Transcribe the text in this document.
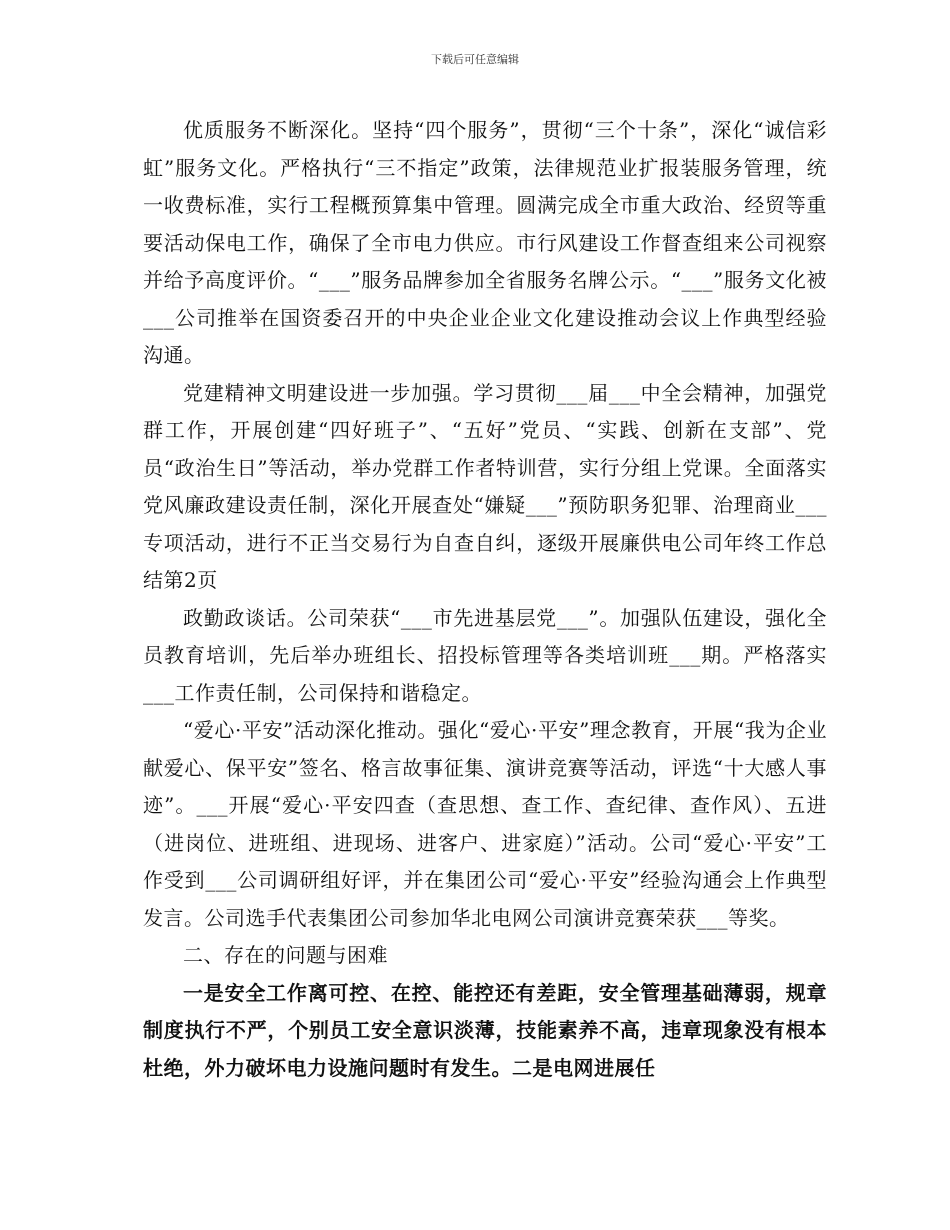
下载后可任意编辑

优质服务不断深化。坚持“四个服务”，贯彻“三个十条”，深化“诚信彩虹”服务文化。严格执行“三不指定”政策，法律规范业扩报装服务管理，统一收费标准，实行工程概预算集中管理。圆满完成全市重大政治、经贸等重要活动保电工作，确保了全市电力供应。市行风建设工作督查组来公司视察并给予高度评价。“___”服务品牌参加全省服务名牌公示。“___”服务文化被___公司推举在国资委召开的中央企业企业文化建设推动会议上作典型经验沟通。

党建精神文明建设进一步加强。学习贯彻___届___中全会精神，加强党群工作，开展创建“四好班子”、“五好”党员、“实践、创新在支部”、党员“政治生日”等活动，举办党群工作者特训营，实行分组上党课。全面落实党风廉政建设责任制，深化开展查处“嫌疑___”预防职务犯罪、治理商业___专项活动，进行不正当交易行为自查自纠，逐级开展廉供电公司年终工作总结第2页

政勤政谈话。公司荣获“___市先进基层党___”。加强队伍建设，强化全员教育培训，先后举办班组长、招投标管理等各类培训班___期。严格落实___工作责任制，公司保持和谐稳定。

“爱心·平安”活动深化推动。强化“爱心·平安”理念教育，开展“我为企业献爱心、保平安”签名、格言故事征集、演讲竞赛等活动，评选“十大感人事迹”。___开展“爱心·平安四查（查思想、查工作、查纪律、查作风）、五进（进岗位、进班组、进现场、进客户、进家庭）”活动。公司“爱心·平安”工作受到___公司调研组好评，并在集团公司“爱心·平安”经验沟通会上作典型发言。公司选手代表集团公司参加华北电网公司演讲竞赛荣获___等奖。

二、存在的问题与困难

一是安全工作离可控、在控、能控还有差距，安全管理基础薄弱，规章制度执行不严，个别员工安全意识淡薄，技能素养不高，违章现象没有根本杜绝，外力破坏电力设施问题时有发生。二是电网进展任
